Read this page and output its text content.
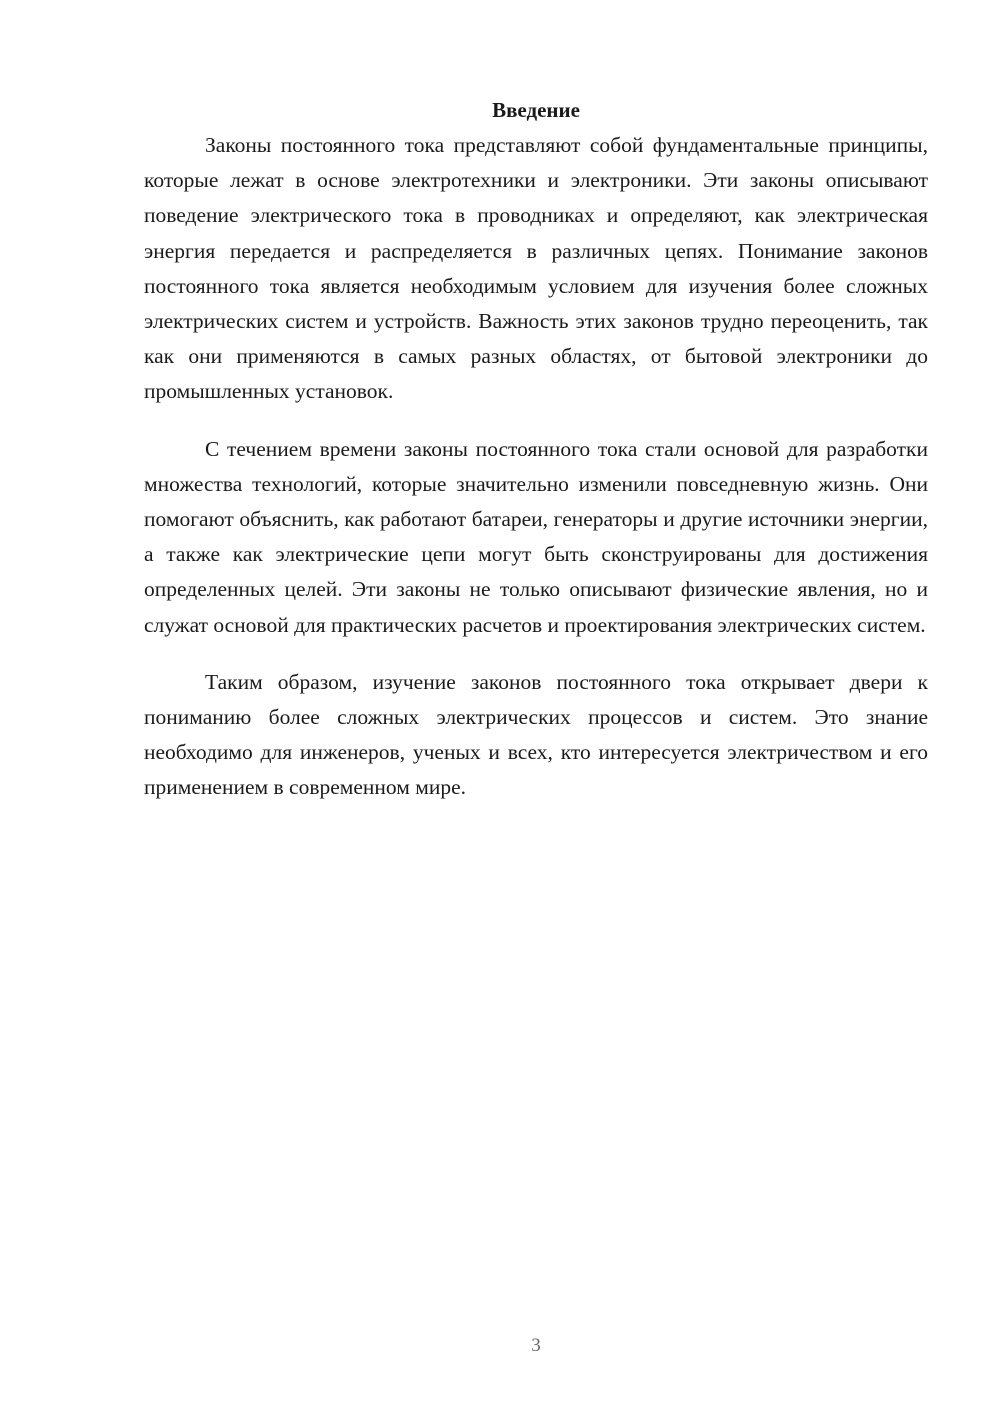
Введение

Законы постоянного тока представляют собой фундаментальные принципы, которые лежат в основе электротехники и электроники. Эти законы описывают поведение электрического тока в проводниках и определяют, как электрическая энергия передается и распределяется в различных цепях. Понимание законов постоянного тока является необходимым условием для изучения более сложных электрических систем и устройств. Важность этих законов трудно переоценить, так как они применяются в самых разных областях, от бытовой электроники до промышленных установок.

С течением времени законы постоянного тока стали основой для разработки множества технологий, которые значительно изменили повседневную жизнь. Они помогают объяснить, как работают батареи, генераторы и другие источники энергии, а также как электрические цепи могут быть сконструированы для достижения определенных целей. Эти законы не только описывают физические явления, но и служат основой для практических расчетов и проектирования электрических систем.

Таким образом, изучение законов постоянного тока открывает двери к пониманию более сложных электрических процессов и систем. Это знание необходимо для инженеров, ученых и всех, кто интересуется электричеством и его применением в современном мире.

3
